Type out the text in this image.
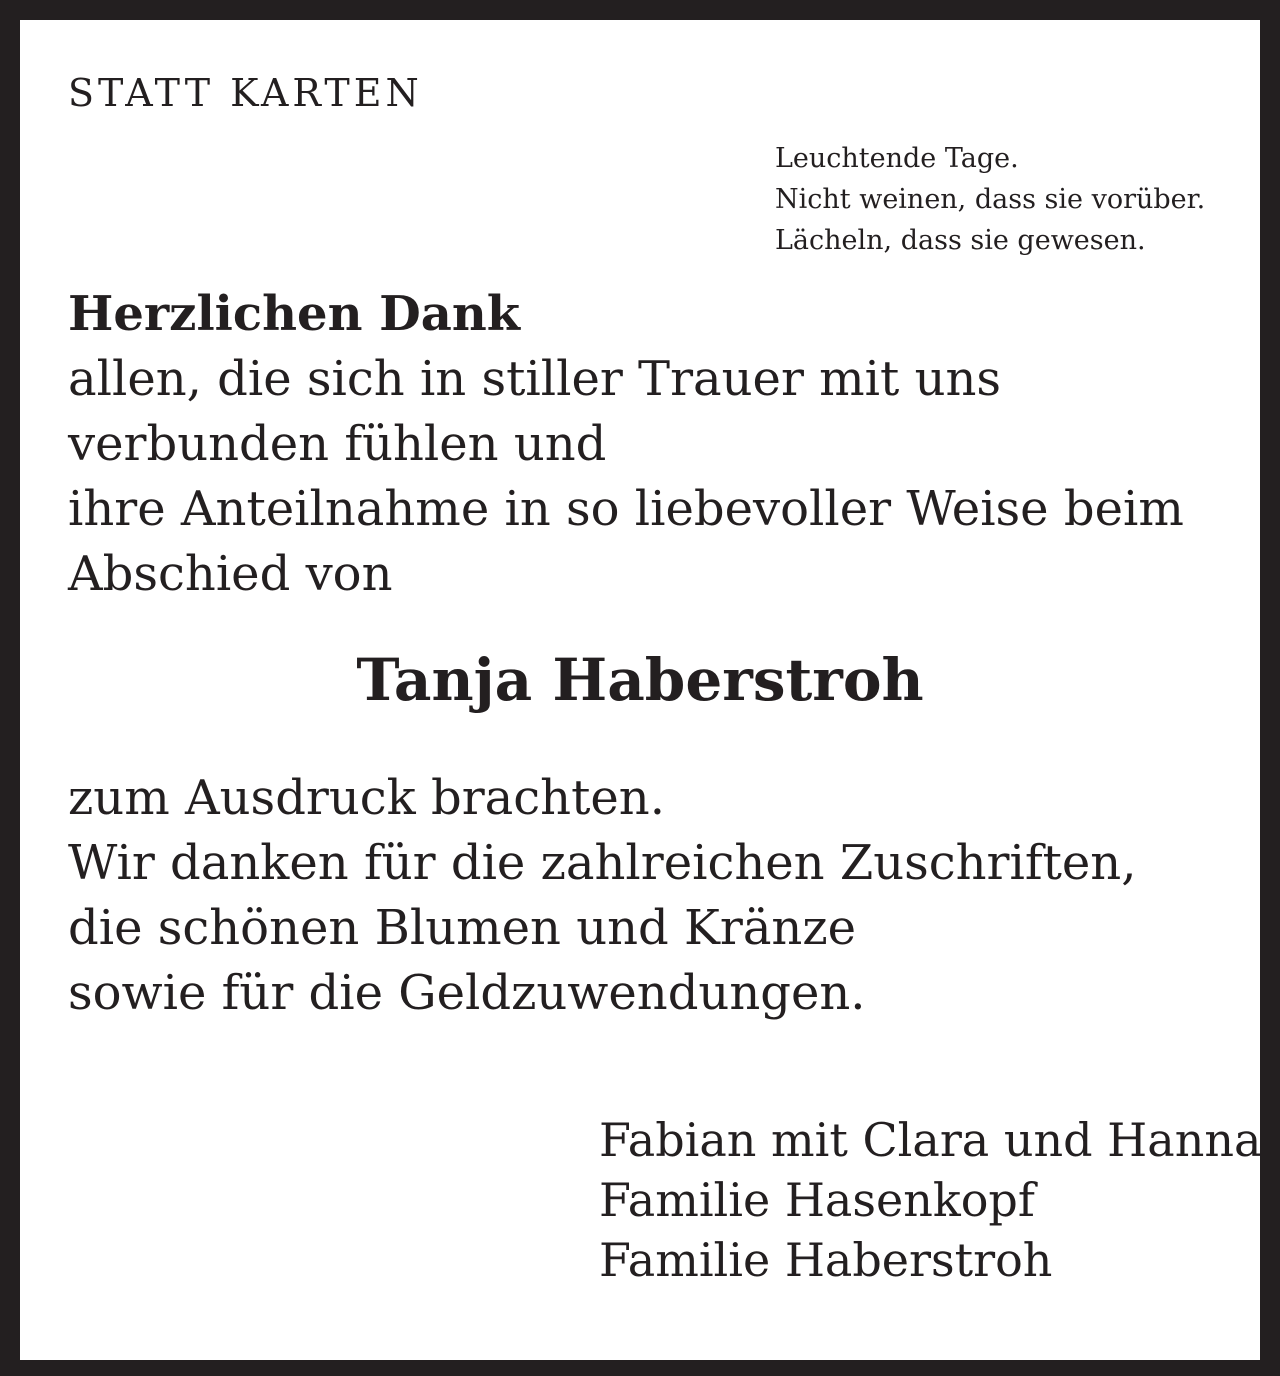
STATT KARTEN
Leuchtende Tage.
Nicht weinen, dass sie vorüber.
Lächeln, dass sie gewesen.
Herzlichen Dank
allen, die sich in stiller Trauer mit uns
verbunden fühlen und
ihre Anteilnahme in so liebevoller Weise beim
Abschied von
Tanja Haberstroh
zum Ausdruck brachten.
Wir danken für die zahlreichen Zuschriften,
die schönen Blumen und Kränze
sowie für die Geldzuwendungen.
Fabian mit Clara und Hanna
Familie Hasenkopf
Familie Haberstroh
